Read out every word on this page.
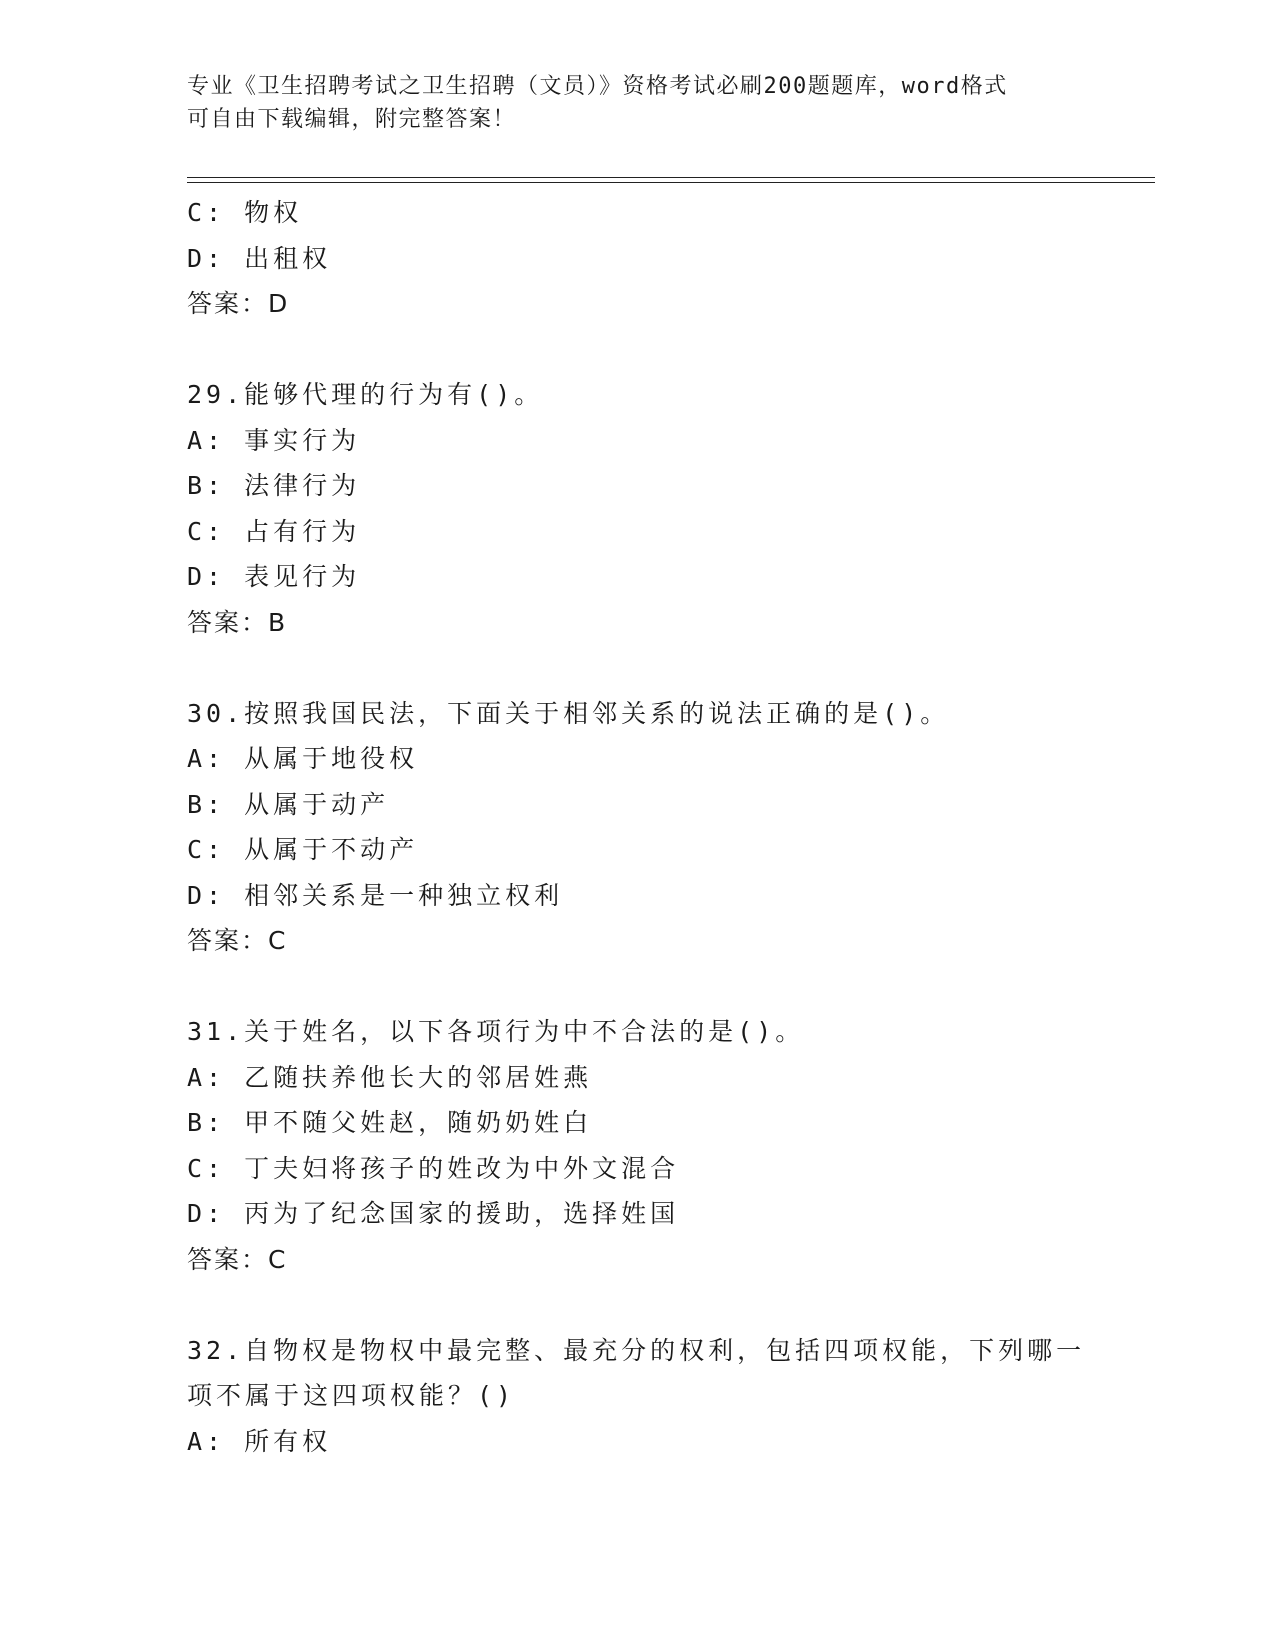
专业《卫生招聘考试之卫生招聘（文员）》资格考试必刷200题题库，word格式
可自由下载编辑，附完整答案！
C: 物权
D: 出租权
答案：D
29.能够代理的行为有()。
A: 事实行为
B: 法律行为
C: 占有行为
D: 表见行为
答案：B
30.按照我国民法，下面关于相邻关系的说法正确的是()。
A: 从属于地役权
B: 从属于动产
C: 从属于不动产
D: 相邻关系是一种独立权利
答案：C
31.关于姓名，以下各项行为中不合法的是()。
A: 乙随扶养他长大的邻居姓燕
B: 甲不随父姓赵，随奶奶姓白
C: 丁夫妇将孩子的姓改为中外文混合
D: 丙为了纪念国家的援助，选择姓国
答案：C
32.自物权是物权中最完整、最充分的权利，包括四项权能，下列哪一
项不属于这四项权能？()
A: 所有权
